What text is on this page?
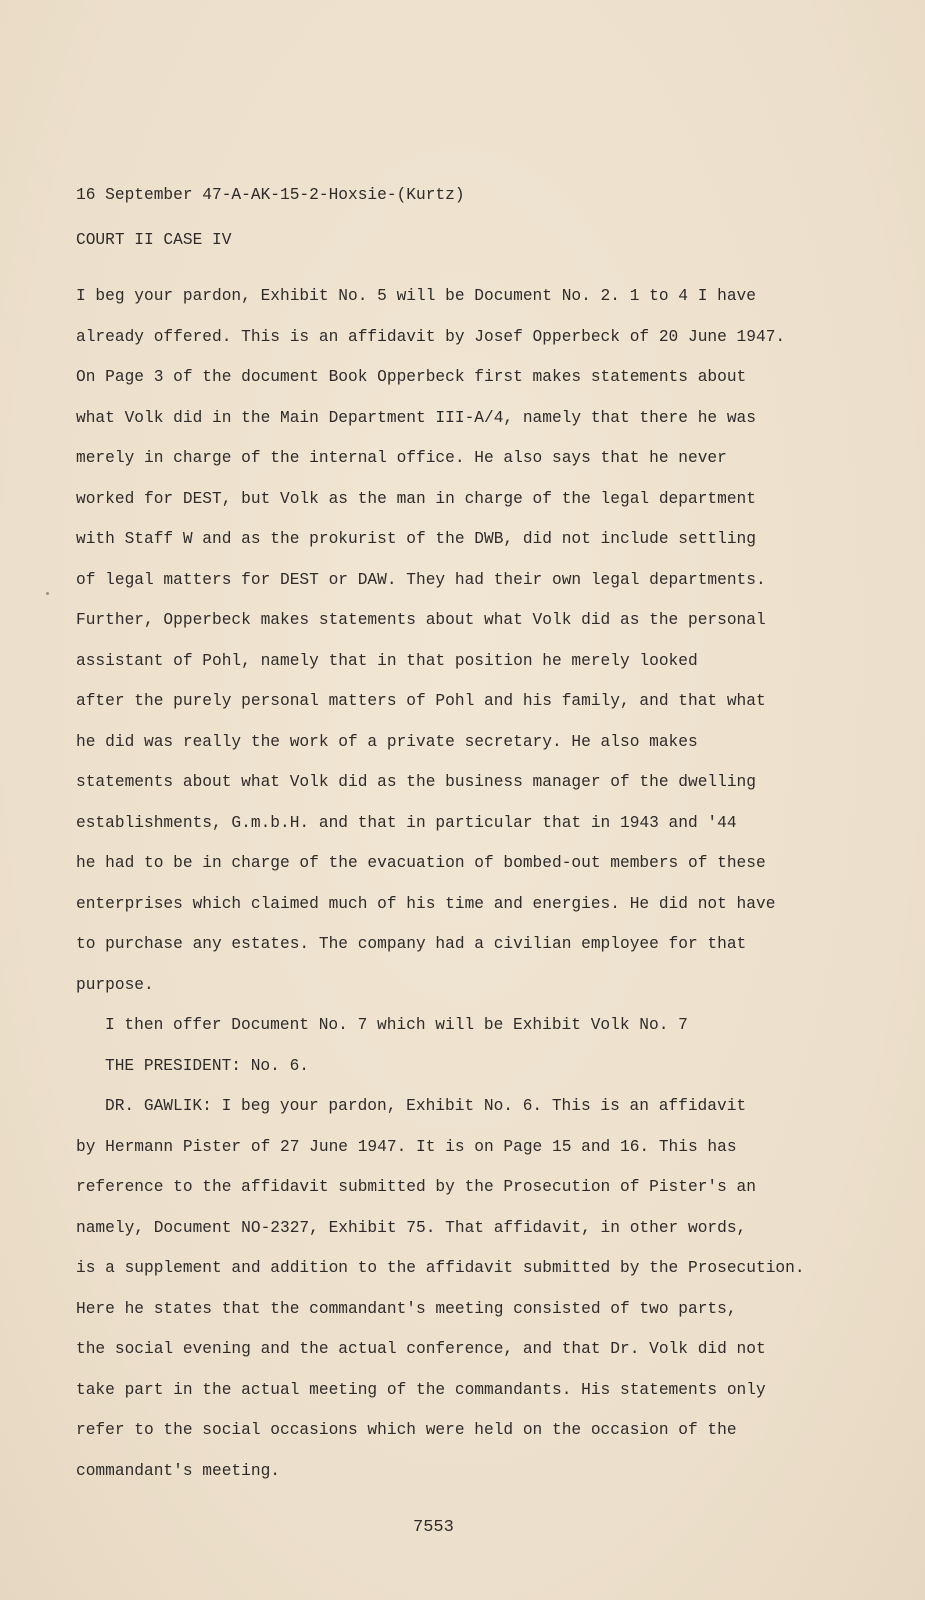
16 September 47-A-AK-15-2-Hoxsie-(Kurtz)
COURT II CASE IV
I beg your pardon, Exhibit No. 5 will be Document No. 2. 1 to 4 I have
already offered. This is an affidavit by Josef Opperbeck of 20 June 1947.
On Page 3 of the document Book Opperbeck first makes statements about
what Volk did in the Main Department III-A/4, namely that there he was
merely in charge of the internal office. He also says that he never
worked for DEST, but Volk as the man in charge of the legal department
with Staff W and as the prokurist of the DWB, did not include settling
of legal matters for DEST or DAW. They had their own legal departments.
Further, Opperbeck makes statements about what Volk did as the personal
assistant of Pohl, namely that in that position he merely looked
after the purely personal matters of Pohl and his family, and that what
he did was really the work of a private secretary. He also makes
statements about what Volk did as the business manager of the dwelling
establishments, G.m.b.H. and that in particular that in 1943 and '44
he had to be in charge of the evacuation of bombed-out members of these
enterprises which claimed much of his time and energies. He did not have
to purchase any estates. The company had a civilian employee for that
purpose.
I then offer Document No. 7 which will be Exhibit Volk No. 7
THE PRESIDENT: No. 6.
DR. GAWLIK: I beg your pardon, Exhibit No. 6. This is an affidavit
by Hermann Pister of 27 June 1947. It is on Page 15 and 16. This has
reference to the affidavit submitted by the Prosecution of Pister's an
namely, Document NO-2327, Exhibit 75. That affidavit, in other words,
is a supplement and addition to the affidavit submitted by the Prosecution.
Here he states that the commandant's meeting consisted of two parts,
the social evening and the actual conference, and that Dr. Volk did not
take part in the actual meeting of the commandants. His statements only
refer to the social occasions which were held on the occasion of the
commandant's meeting.
7553
